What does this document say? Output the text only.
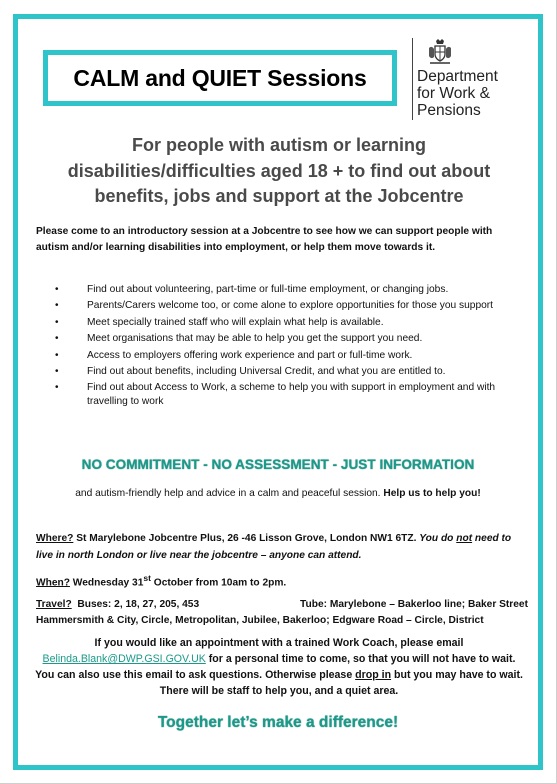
CALM and QUIET Sessions	Department
for Work &
Pensions
For people with autism or learning disabilities/difficulties aged 18 + to find out about benefits, jobs and support at the Jobcentre

Please come to an introductory session at a Jobcentre to see how we can support people with autism and/or learning disabilities into employment, or help them move towards it.

•	Find out about volunteering, part-time or full-time employment, or changing jobs.
•	Parents/Carers welcome too, or come alone to explore opportunities for those you support
•	Meet specially trained staff who will explain what help is available.
•	Meet organisations that may be able to help you get the support you need.
•	Access to employers offering work experience and part or full-time work.
•	Find out about benefits, including Universal Credit, and what you are entitled to.
•	Find out about Access to Work, a scheme to help you with support in employment and with travelling to work
NO COMMITMENT - NO ASSESSMENT - JUST INFORMATION
and autism-friendly help and advice in a calm and peaceful session. Help us to help you!
Where? St Marylebone Jobcentre Plus, 26 -46 Lisson Grove, London NW1 6TZ. You do not need to live in north London or live near the jobcentre – anyone can attend.
When? Wednesday 31st October from 10am to 2pm.
Travel? Buses: 2, 18, 27, 205, 453	Tube: Marylebone – Bakerloo line; Baker Street
Hammersmith & City, Circle, Metropolitan, Jubilee, Bakerloo; Edgware Road – Circle, District
If you would like an appointment with a trained Work Coach, please email
Belinda.Blank@DWP.GSI.GOV.UK for a personal time to come, so that you will not have to wait. You can also use this email to ask questions. Otherwise please drop in but you may have to wait. There will be staff to help you, and a quiet area.
Together let’s make a difference!
